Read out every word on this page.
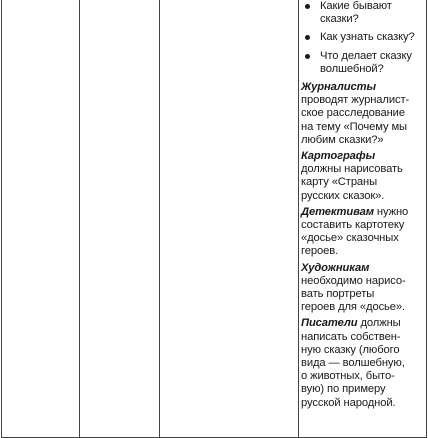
Какие бывают
сказки?
Как узнать сказку?
Что делает сказку
волшебной?
Журналисты
проводят журналист-
ское расследование
на тему «Почему мы
любим сказки?»
Картографы
должны нарисовать
карту «Страны
русских сказок».
Детективам нужно
составить картотеку
«досье» сказочных
героев.
Художникам
необходимо нарисо-
вать портреты
героев для «досье».
Писатели должны
написать собствен-
ную сказку (любого
вида — волшебную,
о животных, быто-
вую) по примеру
русской народной.
